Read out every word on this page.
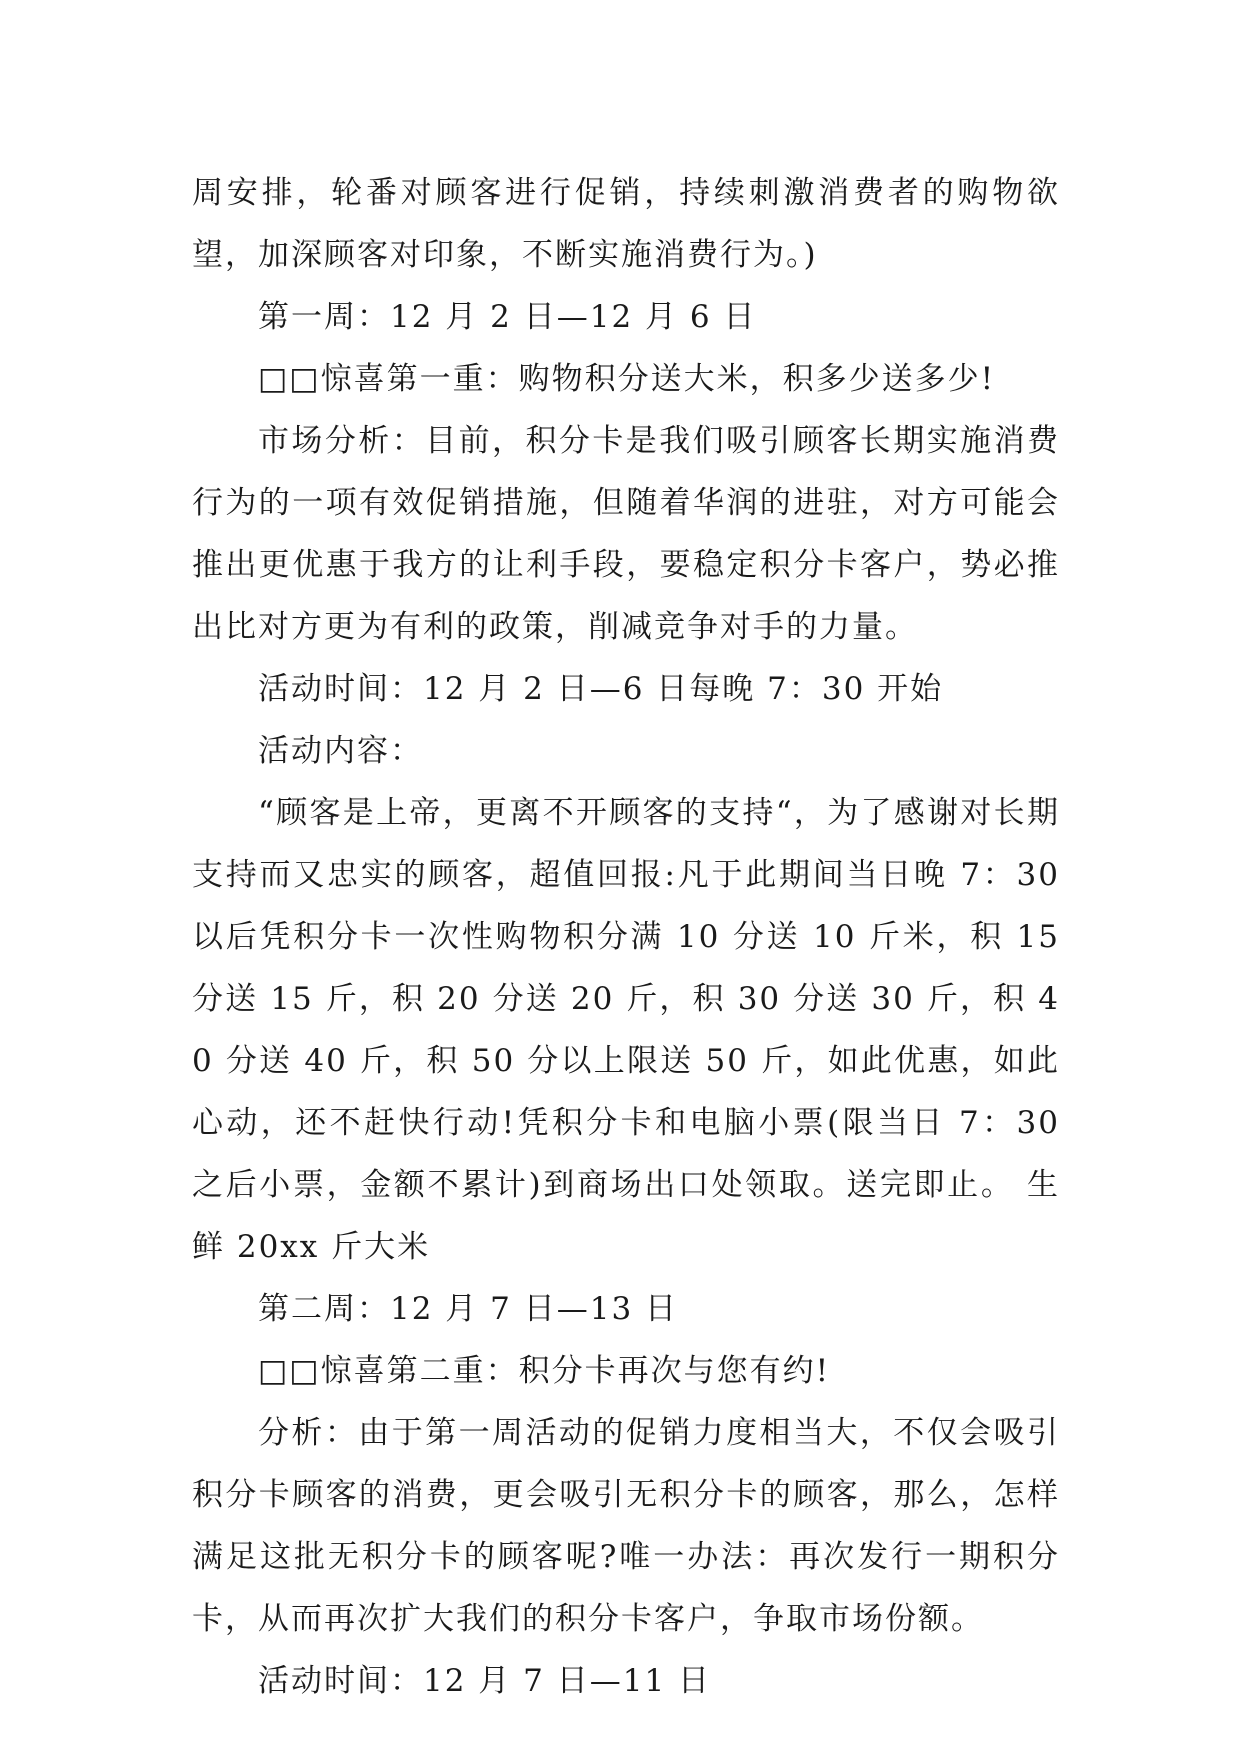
周安排，轮番对顾客进行促销，持续刺激消费者的购物欲望，加深顾客对印象，不断实施消费行为。)

第一周：12 月 2 日—12 月 6 日

□□惊喜第一重：购物积分送大米，积多少送多少!

市场分析：目前，积分卡是我们吸引顾客长期实施消费行为的一项有效促销措施，但随着华润的进驻，对方可能会推出更优惠于我方的让利手段，要稳定积分卡客户，势必推出比对方更为有利的政策，削减竞争对手的力量。

活动时间：12 月 2 日—6 日每晚 7：30 开始

活动内容：

“顾客是上帝，更离不开顾客的支持“，为了感谢对长期支持而又忠实的顾客，超值回报:凡于此期间当日晚 7：30 以后凭积分卡一次性购物积分满 10 分送 10 斤米，积 15 分送 15 斤，积 20 分送 20 斤，积 30 分送 30 斤，积 40 分送 40 斤，积 50 分以上限送 50 斤，如此优惠，如此心动，还不赶快行动!凭积分卡和电脑小票(限当日 7：30 之后小票，金额不累计)到商场出口处领取。送完即止。 生鲜 20xx 斤大米

第二周：12 月 7 日—13 日

□□惊喜第二重：积分卡再次与您有约!

分析：由于第一周活动的促销力度相当大，不仅会吸引积分卡顾客的消费，更会吸引无积分卡的顾客，那么，怎样满足这批无积分卡的顾客呢?唯一办法：再次发行一期积分卡，从而再次扩大我们的积分卡客户，争取市场份额。

活动时间：12 月 7 日—11 日
